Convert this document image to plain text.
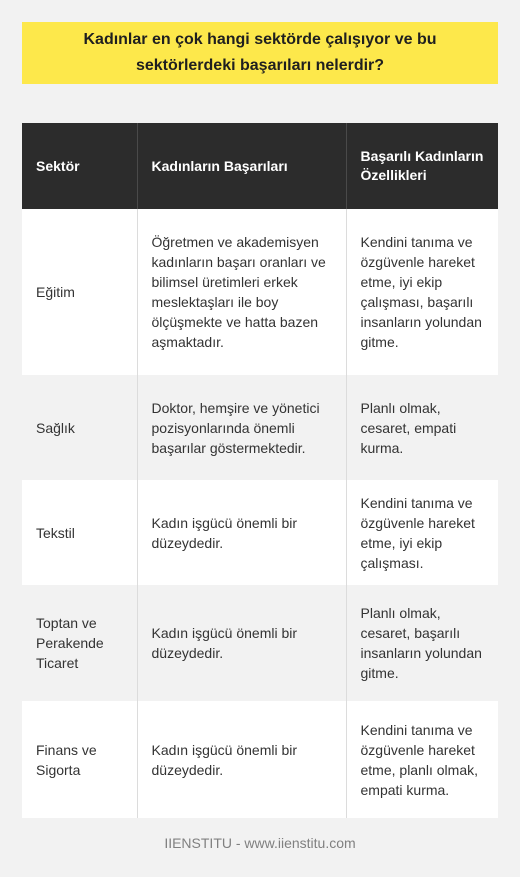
Kadınlar en çok hangi sektörde çalışıyor ve bu sektörlerdeki başarıları nelerdir?
Sektör	Kadınların Başarıları	Başarılı Kadınların Özellikleri
Eğitim	Öğretmen ve akademisyen kadınların başarı oranları ve bilimsel üretimleri erkek meslektaşları ile boy ölçüşmekte ve hatta bazen aşmaktadır.	Kendini tanıma ve özgüvenle hareket etme, iyi ekip çalışması, başarılı insanların yolundan gitme.
Sağlık	Doktor, hemşire ve yönetici pozisyonlarında önemli başarılar göstermektedir.	Planlı olmak, cesaret, empati kurma.
Tekstil	Kadın işgücü önemli bir düzeydedir.	Kendini tanıma ve özgüvenle hareket etme, iyi ekip çalışması.
Toptan ve Perakende Ticaret	Kadın işgücü önemli bir düzeydedir.	Planlı olmak, cesaret, başarılı insanların yolundan gitme.
Finans ve Sigorta	Kadın işgücü önemli bir düzeydedir.	Kendini tanıma ve özgüvenle hareket etme, planlı olmak, empati kurma.
IIENSTITU - www.iienstitu.com
